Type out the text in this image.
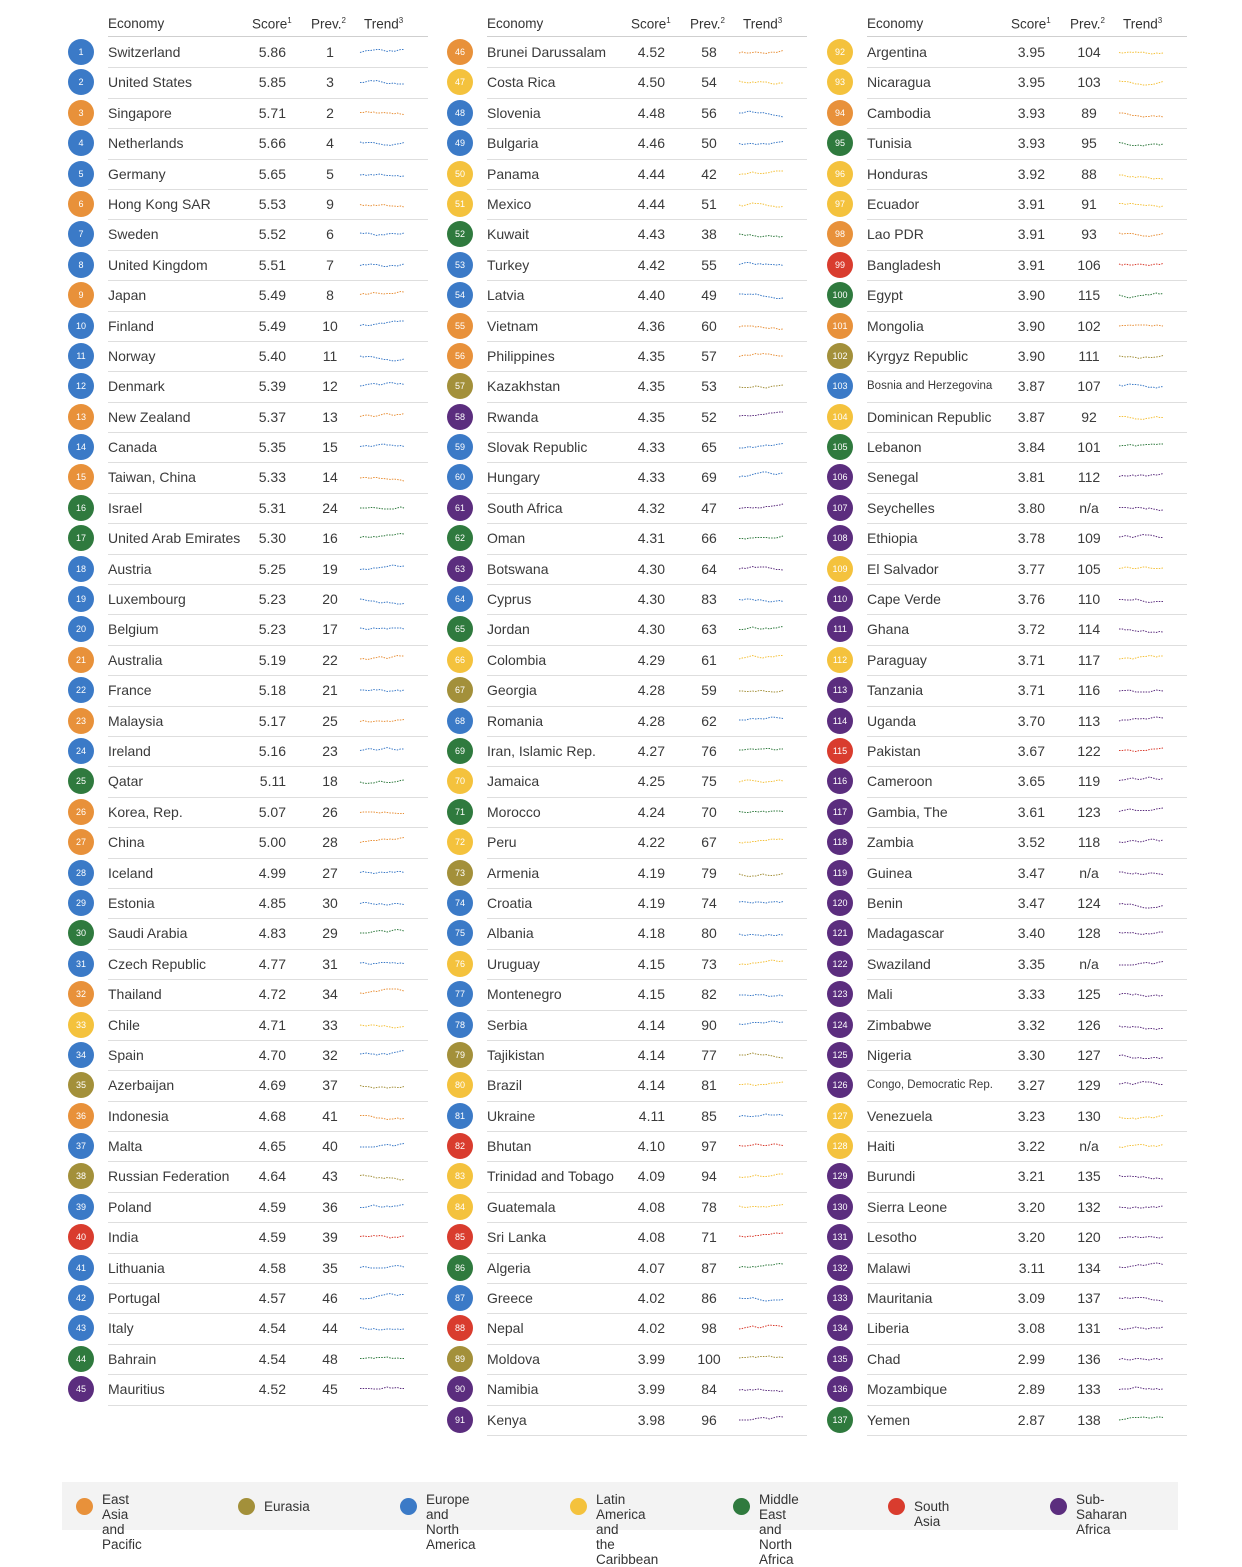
Economy	Score$^1$ Prev.$^2$ Trend$^3$
1	Switzerland	5.86	1
2	United States	5.85	3
3	Singapore	5.71	2
4	Netherlands	5.66	4
5	Germany	5.65	5
6	Hong Kong SAR	5.53	9
7	Sweden	5.52	6
8	United Kingdom	5.51	7
9	Japan	5.49	8
10	Finland	5.49	10
11	Norway	5.40	11
12	Denmark	5.39	12
13	New Zealand	5.37	13
14	Canada	5.35	15
15	Taiwan, China	5.33	14
16	Israel	5.31	24
17	United Arab Emirates	5.30	16
18	Austria	5.25	19
19	Luxembourg	5.23	20
20	Belgium	5.23	17
21	Australia	5.19	22
22	France	5.18	21
23	Malaysia	5.17	25
24	Ireland	5.16	23
25	Qatar	5.11	18
26	Korea, Rep.	5.07	26
27	China	5.00	28
28	Iceland	4.99	27
29	Estonia	4.85	30
30	Saudi Arabia	4.83	29
31	Czech Republic	4.77	31
32	Thailand	4.72	34
33	Chile	4.71	33
34	Spain	4.70	32
35	Azerbaijan	4.69	37
36	Indonesia	4.68	41
37	Malta	4.65	40
38	Russian Federation	4.64	43
39	Poland	4.59	36
40	India	4.59	39
41	Lithuania	4.58	35
42	Portugal	4.57	46
43	Italy	4.54	44
44	Bahrain	4.54	48
45	Mauritius	4.52	45
Economy	Score$^1$ Prev.$^2$ Trend$^3$
46	Brunei Darussalam	4.52	58
47	Costa Rica	4.50	54
48	Slovenia	4.48	56
49	Bulgaria	4.46	50
50	Panama	4.44	42
51	Mexico	4.44	51
52	Kuwait	4.43	38
53	Turkey	4.42	55
54	Latvia	4.40	49
55	Vietnam	4.36	60
56	Philippines	4.35	57
57	Kazakhstan	4.35	53
58	Rwanda	4.35	52
59	Slovak Republic	4.33	65
60	Hungary	4.33	69
61	South Africa	4.32	47
62	Oman	4.31	66
63	Botswana	4.30	64
64	Cyprus	4.30	83
65	Jordan	4.30	63
66	Colombia	4.29	61
67	Georgia	4.28	59
68	Romania	4.28	62
69	Iran, Islamic Rep.	4.27	76
70	Jamaica	4.25	75
71	Morocco	4.24	70
72	Peru	4.22	67
73	Armenia	4.19	79
74	Croatia	4.19	74
75	Albania	4.18	80
76	Uruguay	4.15	73
77	Montenegro	4.15	82
78	Serbia	4.14	90
79	Tajikistan	4.14	77
80	Brazil	4.14	81
81	Ukraine	4.11	85
82	Bhutan	4.10	97
83	Trinidad and Tobago	4.09	94
84	Guatemala	4.08	78
85	Sri Lanka	4.08	71
86	Algeria	4.07	87
87	Greece	4.02	86
88	Nepal	4.02	98
89	Moldova	3.99	100
90	Namibia	3.99	84
91	Kenya	3.98	96
Economy	Score$^1$ Prev.$^2$ Trend$^3$
92	Argentina	3.95	104
93	Nicaragua	3.95	103
94	Cambodia	3.93	89
95	Tunisia	3.93	95
96	Honduras	3.92	88
97	Ecuador	3.91	91
98	Lao PDR	3.91	93
99	Bangladesh	3.91	106
100	Egypt	3.90	115
101	Mongolia	3.90	102
102	Kyrgyz Republic	3.90	111
103	Bosnia and Herzegovina	3.87	107
104	Dominican Republic	3.87	92
105	Lebanon	3.84	101
106	Senegal	3.81	112
107	Seychelles	3.80	n/a
108	Ethiopia	3.78	109
109	El Salvador	3.77	105
110	Cape Verde	3.76	110
111	Ghana	3.72	114
112	Paraguay	3.71	117
113	Tanzania	3.71	116
114	Uganda	3.70	113
115	Pakistan	3.67	122
116	Cameroon	3.65	119
117	Gambia, The	3.61	123
118	Zambia	3.52	118
119	Guinea	3.47	n/a
120	Benin	3.47	124
121	Madagascar	3.40	128
122	Swaziland	3.35	n/a
123	Mali	3.33	125
124	Zimbabwe	3.32	126
125	Nigeria	3.30	127
126	Congo, Democratic Rep.	3.27	129
127	Venezuela	3.23	130
128	Haiti	3.22	n/a
129	Burundi	3.21	135
130	Sierra Leone	3.20	132
131	Lesotho	3.20	120
132	Malawi	3.11	134
133	Mauritania	3.09	137
134	Liberia	3.08	131
135	Chad	2.99	136
136	Mozambique	2.89	133
137	Yemen	2.87	138
East Asia and
Pacific
Eurasia	Europe and
North America
Latin America and
the Caribbean
Middle East and
North Africa
South Asia
Sub-Saharan
Africa
